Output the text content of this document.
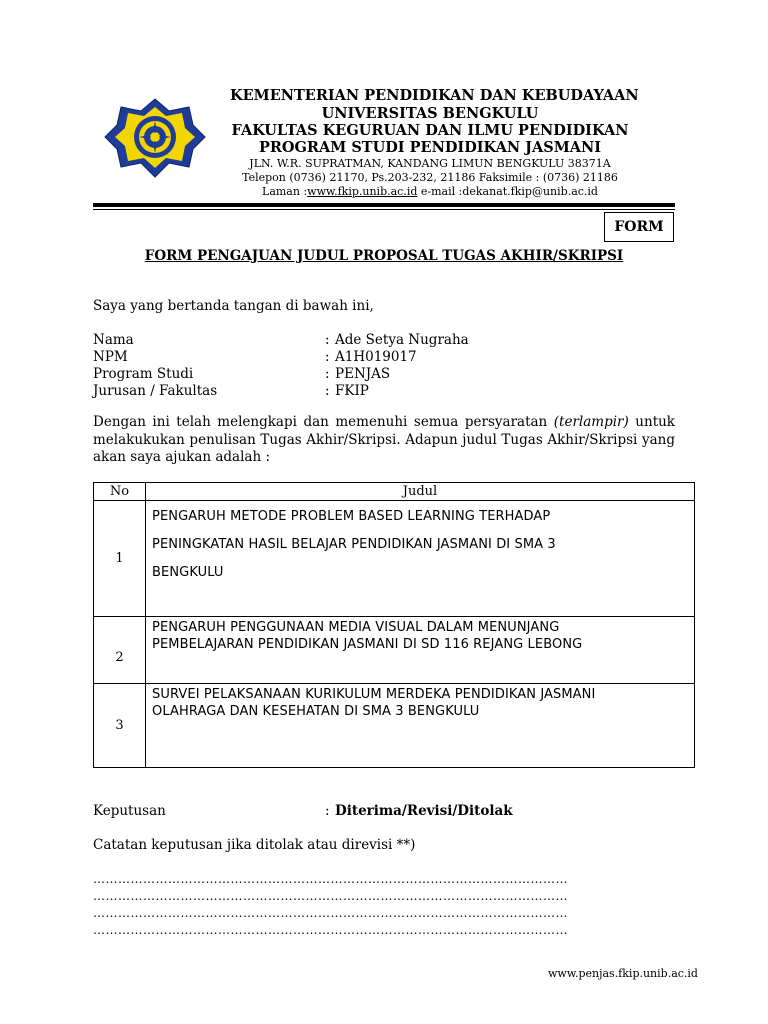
KEMENTERIAN PENDIDIKAN DAN KEBUDAYAAN
UNIVERSITAS BENGKULU
FAKULTAS KEGURUAN DAN ILMU PENDIDIKAN
PROGRAM STUDI PENDIDIKAN JASMANI
JLN. W.R. SUPRATMAN, KANDANG LIMUN BENGKULU 38371A
Telepon (0736) 21170, Ps.203-232, 21186 Faksimile : (0736) 21186
Laman :www.fkip.unib.ac.id e-mail :dekanat.fkip@unib.ac.id
FORM
FORM PENGAJUAN JUDUL PROPOSAL TUGAS AKHIR/SKRIPSI
Saya yang bertanda tangan di bawah ini,
Nama	: Ade Setya Nugraha
NPM	: A1H019017
Program Studi	: PENJAS
Jurusan / Fakultas	: FKIP
Dengan ini telah melengkapi dan memenuhi semua persyaratan (terlampir) untuk melakukukan penulisan Tugas Akhir/Skripsi. Adapun judul Tugas Akhir/Skripsi yang akan saya ajukan adalah :
No	Judul
1	PENGARUH METODE PROBLEM BASED LEARNING TERHADAP
PENINGKATAN HASIL BELAJAR PENDIDIKAN JASMANI DI SMA 3
BENGKULU

2	PENGARUH PENGGUNAAN MEDIA VISUAL DALAM MENUNJANG
PEMBELAJARAN PENDIDIKAN JASMANI DI SD 116 REJANG LEBONG

3	SURVEI PELAKSANAAN KURIKULUM MERDEKA PENDIDIKAN JASMANI
OLAHRAGA DAN KESEHATAN DI SMA 3 BENGKULU
Keputusan	: Diterima/Revisi/Ditolak
Catatan keputusan jika ditolak atau direvisi **)
……………………………………………………………………………………………………
……………………………………………………………………………………………………
……………………………………………………………………………………………………
……………………………………………………………………………………………………
www.penjas.fkip.unib.ac.id
